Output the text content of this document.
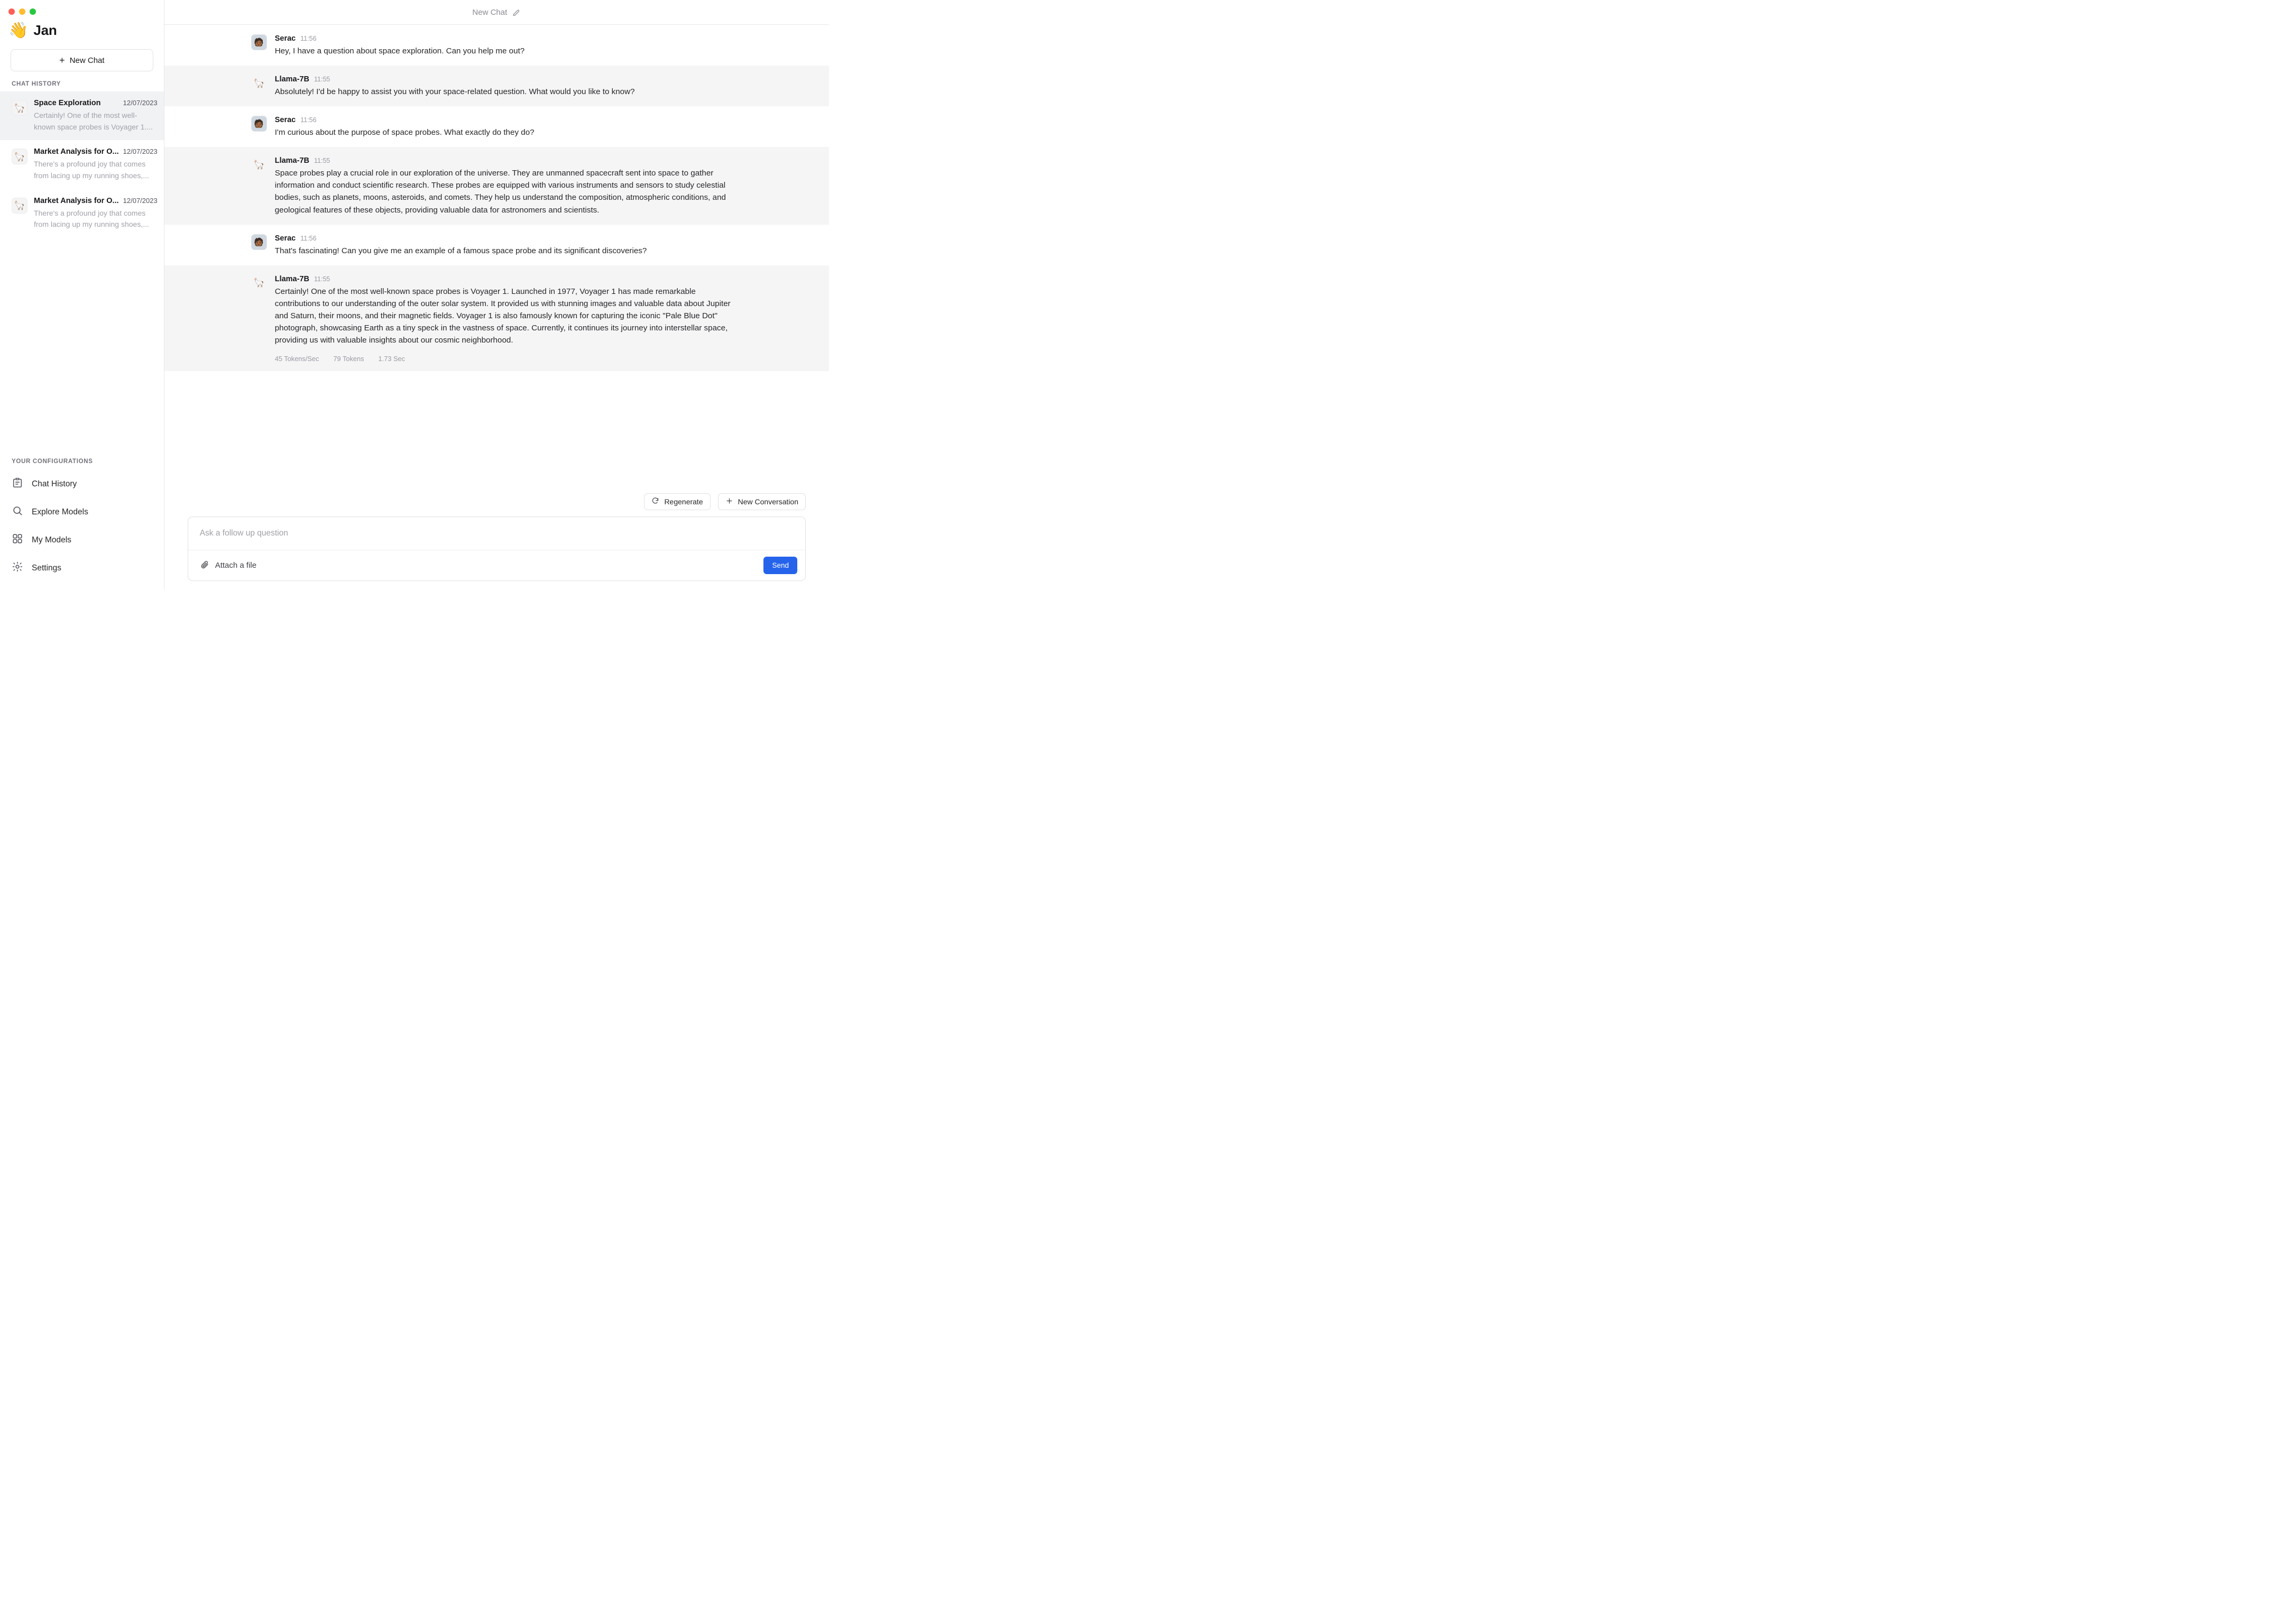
👋 Jan
+ New Chat
CHAT HISTORY
🦙 Space Exploration	12/07/2023
Certainly! One of the most well-known space probes is Voyager 1....
🦙 Market Analysis for O... 12/07/2023
There's a profound joy that comes from lacing up my running shoes,...
🦙 Market Analysis for O... 12/07/2023
There's a profound joy that comes from lacing up my running shoes,...
YOUR CONFIGURATIONS
Chat History
Explore Models
My Models
Settings
New Chat
🧑🏾	Serac 11:56
Hey, I have a question about space exploration. Can you help me out?
🦙 Llama-7B 11:55
Absolutely! I'd be happy to assist you with your space-related question. What would you like to know?
🧑🏾	Serac 11:56
I'm curious about the purpose of space probes. What exactly do they do?
🦙 Llama-7B 11:55
Space probes play a crucial role in our exploration of the universe. They are unmanned spacecraft sent into space to gather information and conduct scientific research. These probes are equipped with various instruments and sensors to study celestial bodies, such as planets, moons, asteroids, and comets. They help us understand the composition, atmospheric conditions, and geological features of these objects, providing valuable data for astronomers and scientists.
🧑🏾	Serac 11:56
That's fascinating! Can you give me an example of a famous space probe and its significant discoveries?
🦙 Llama-7B 11:55
Certainly! One of the most well-known space probes is Voyager 1. Launched in 1977, Voyager 1 has made remarkable contributions to our understanding of the outer solar system. It provided us with stunning images and valuable data about Jupiter and Saturn, their moons, and their magnetic fields. Voyager 1 is also famously known for capturing the iconic "Pale Blue Dot" photograph, showcasing Earth as a tiny speck in the vastness of space. Currently, it continues its journey into interstellar space, providing us with valuable insights about our cosmic neighborhood.
45 Tokens/Sec 79 Tokens 1.73 Sec
Regenerate	New Conversation
Ask a follow up question
Attach a file	Send
